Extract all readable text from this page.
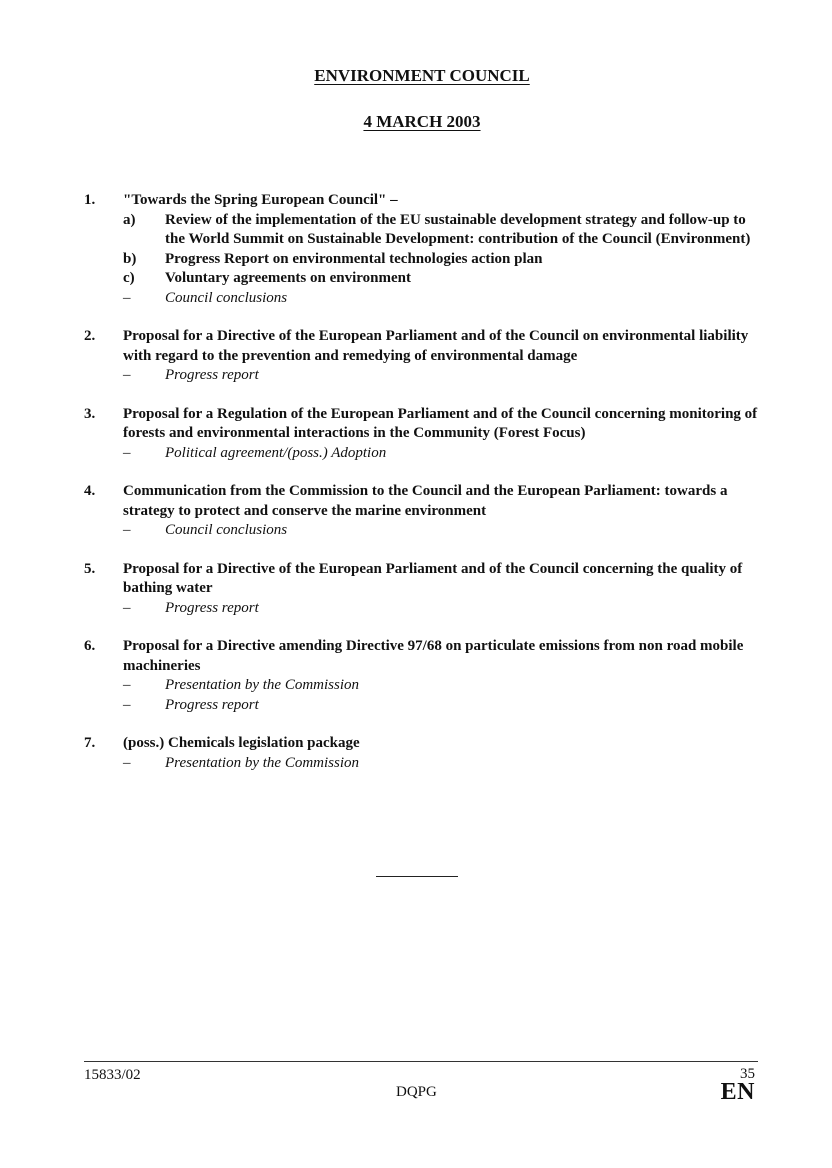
ENVIRONMENT COUNCIL
4 MARCH 2003
1.	"Towards the Spring European Council" –
a)	Review of the implementation of the EU sustainable development strategy and follow-up to the World Summit on Sustainable Development: contribution of the Council (Environment)
b)	Progress Report on environmental technologies action plan
c)	Voluntary agreements on environment
–	Council conclusions
2.	Proposal for a Directive of the European Parliament and of the Council on environmental liability with regard to the prevention and remedying of environmental damage
–	Progress report
3.	Proposal for a Regulation of the European Parliament and of the Council concerning monitoring of forests and environmental interactions in the Community (Forest Focus)
–	Political agreement/(poss.) Adoption
4.	Communication from the Commission to the Council and the European Parliament: towards a strategy to protect and conserve the marine environment
–	Council conclusions
5.	Proposal for a Directive of the European Parliament and of the Council concerning the quality of bathing water
–	Progress report
6.	Proposal for a Directive amending Directive 97/68 on particulate emissions from non road mobile machineries
–	Presentation by the Commission
–	Progress report
7.	(poss.) Chemicals legislation package
–	Presentation by the Commission
15833/02
DQPG
35
EN
